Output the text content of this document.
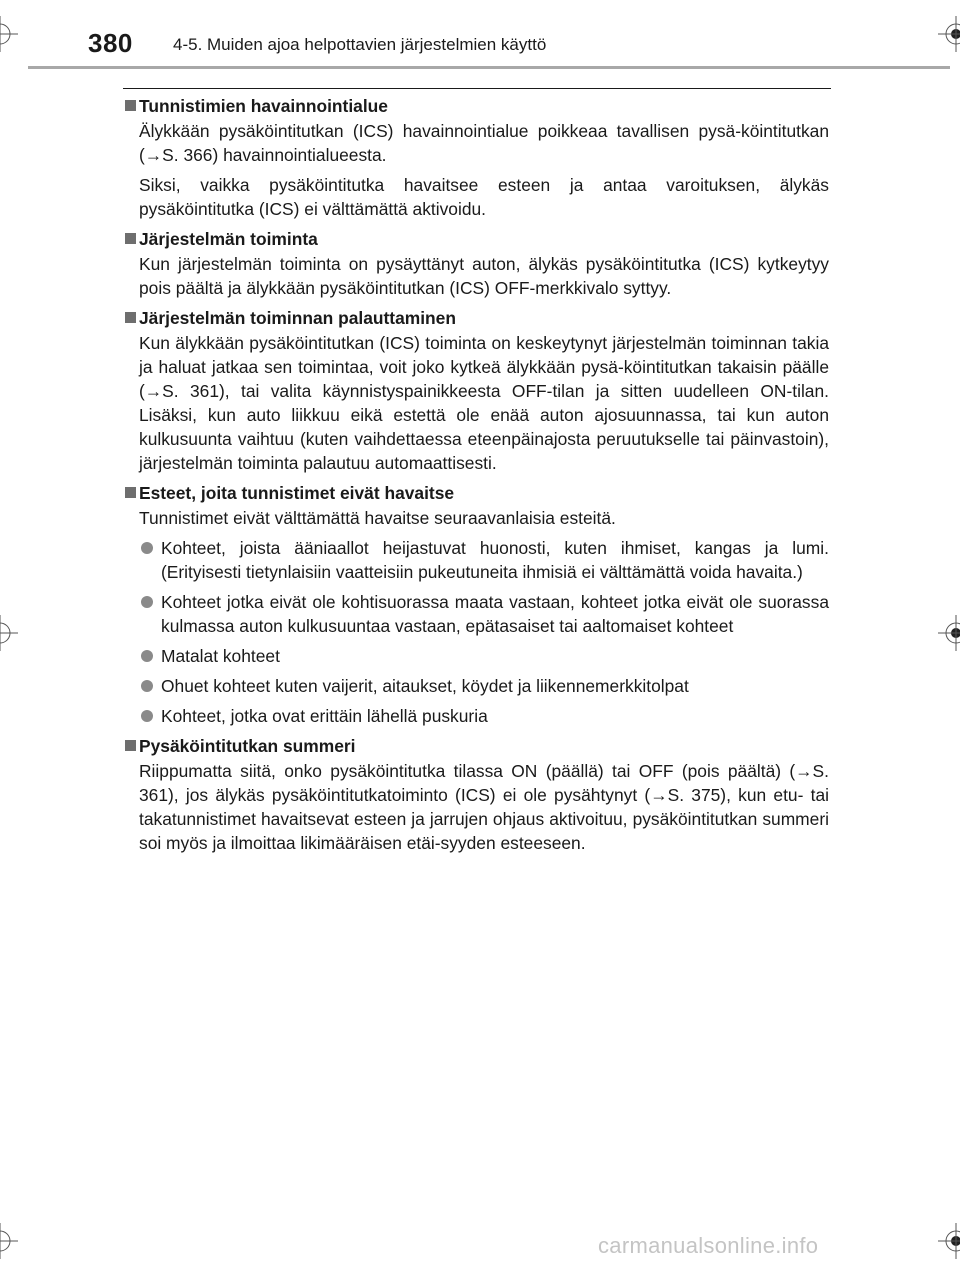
380 4-5. Muiden ajoa helpottavien järjestelmien käyttö
Tunnistimien havainnointialue

Älykkään pysäköintitutkan (ICS) havainnointialue poikkeaa tavallisen pysä-köintitutkan (→S. 366) havainnointialueesta.

Siksi, vaikka pysäköintitutka havaitsee esteen ja antaa varoituksen, älykäs pysäköintitutka (ICS) ei välttämättä aktivoidu.

Järjestelmän toiminta

Kun järjestelmän toiminta on pysäyttänyt auton, älykäs pysäköintitutka (ICS) kytkeytyy pois päältä ja älykkään pysäköintitutkan (ICS) OFF-merkkivalo syttyy.

Järjestelmän toiminnan palauttaminen

Kun älykkään pysäköintitutkan (ICS) toiminta on keskeytynyt järjestelmän toiminnan takia ja haluat jatkaa sen toimintaa, voit joko kytkeä älykkään pysä-köintitutkan takaisin päälle (→S. 361), tai valita käynnistyspainikkeesta OFF-tilan ja sitten uudelleen ON-tilan. Lisäksi, kun auto liikkuu eikä estettä ole enää auton ajosuunnassa, tai kun auton kulkusuunta vaihtuu (kuten vaihdettaessa eteenpäinajosta peruutukselle tai päinvastoin), järjestelmän toiminta palautuu automaattisesti.

Esteet, joita tunnistimet eivät havaitse

Tunnistimet eivät välttämättä havaitse seuraavanlaisia esteitä.

Kohteet, joista ääniaallot heijastuvat huonosti, kuten ihmiset, kangas ja lumi. (Erityisesti tietynlaisiin vaatteisiin pukeutuneita ihmisiä ei välttämättä voida havaita.)
Kohteet jotka eivät ole kohtisuorassa maata vastaan, kohteet jotka eivät ole suorassa kulmassa auton kulkusuuntaa vastaan, epätasaiset tai aaltomaiset kohteet
Matalat kohteet
Ohuet kohteet kuten vaijerit, aitaukset, köydet ja liikennemerkkitolpat
Kohteet, jotka ovat erittäin lähellä puskuria
Pysäköintitutkan summeri

Riippumatta siitä, onko pysäköintitutka tilassa ON (päällä) tai OFF (pois päältä) (→S. 361), jos älykäs pysäköintitutkatoiminto (ICS) ei ole pysähtynyt (→S. 375), kun etu- tai takatunnistimet havaitsevat esteen ja jarrujen ohjaus aktivoituu, pysäköintitutkan summeri soi myös ja ilmoittaa likimääräisen etäi-syyden esteeseen.

carmanualsonline.info
